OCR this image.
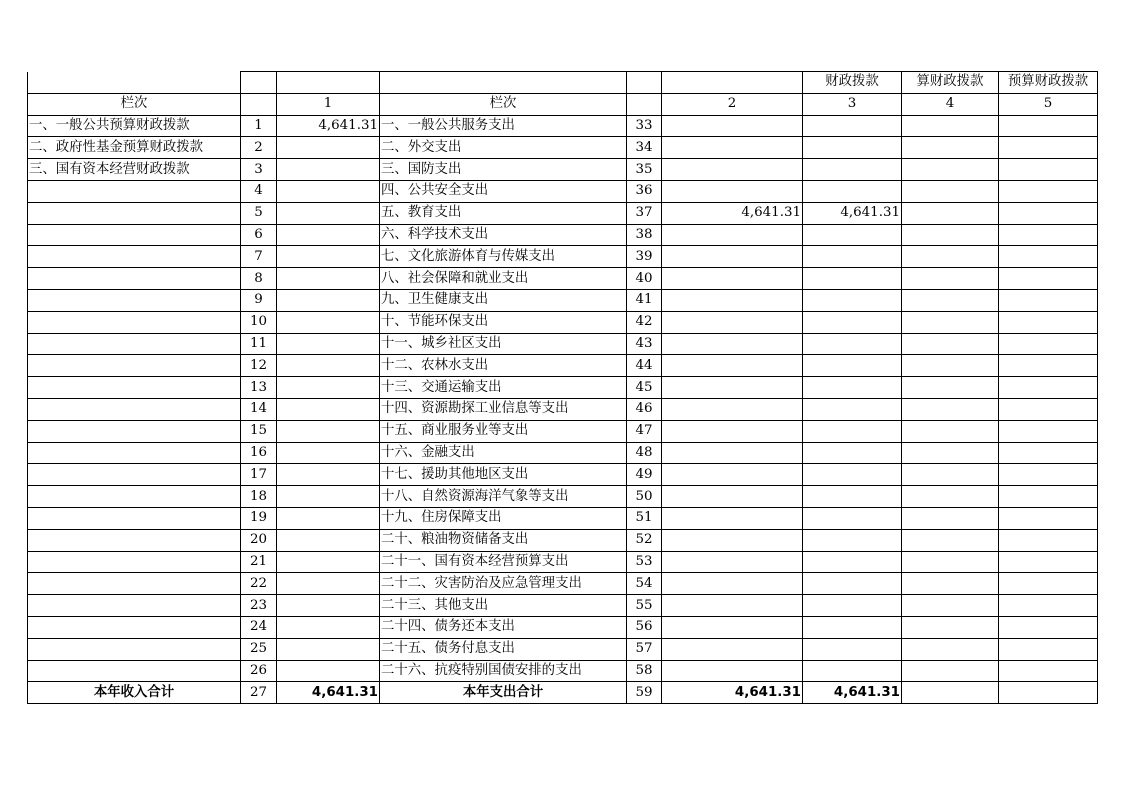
						财政拨款	算财政拨款	预算财政拨款
栏次		1	栏次		2	3	4	5
一、一般公共预算财政拨款	1	4,641.31	一、一般公共服务支出	33				
二、政府性基金预算财政拨款	2		二、外交支出	34				
三、国有资本经营财政拨款	3		三、国防支出	35				
	4		四、公共安全支出	36				
	5		五、教育支出	37	4,641.31	4,641.31		
	6		六、科学技术支出	38				
	7		七、文化旅游体育与传媒支出	39				
	8		八、社会保障和就业支出	40				
	9		九、卫生健康支出	41				
	10		十、节能环保支出	42				
	11		十一、城乡社区支出	43				
	12		十二、农林水支出	44				
	13		十三、交通运输支出	45				
	14		十四、资源勘探工业信息等支出	46				
	15		十五、商业服务业等支出	47				
	16		十六、金融支出	48				
	17		十七、援助其他地区支出	49				
	18		十八、自然资源海洋气象等支出	50				
	19		十九、住房保障支出	51				
	20		二十、粮油物资储备支出	52				
	21		二十一、国有资本经营预算支出	53				
	22		二十二、灾害防治及应急管理支出	54				
	23		二十三、其他支出	55				
	24		二十四、债务还本支出	56				
	25		二十五、债务付息支出	57				
	26		二十六、抗疫特别国债安排的支出	58				
本年收入合计	27	4,641.31	本年支出合计	59	4,641.31	4,641.31		
